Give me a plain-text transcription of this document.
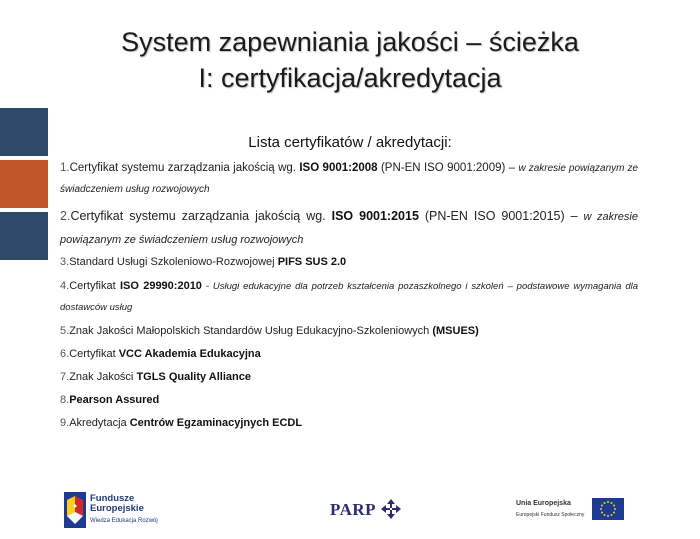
System zapewniania jakości – ścieżka
I: certyfikacja/akredytacja
Lista certyfikatów / akredytacji:
1.Certyfikat systemu zarządzania jakością wg. ISO 9001:2008 (PN-EN ISO 9001:2009) – w zakresie powiązanym ze świadczeniem usług rozwojowych
2.Certyfikat systemu zarządzania jakością wg. ISO 9001:2015 (PN-EN ISO 9001:2015) – w zakresie powiązanym ze świadczeniem usług rozwojowych
3.Standard Usługi Szkoleniowo-Rozwojowej PIFS SUS 2.0
4.Certyfikat ISO 29990:2010 - Usługi edukacyjne dla potrzeb kształcenia pozaszkolnego i szkoleń – podstawowe wymagania dla dostawców usług
5.Znak Jakości Małopolskich Standardów Usług Edukacyjno-Szkoleniowych (MSUES)
6.Certyfikat VCC Akademia Edukacyjna
7.Znak Jakości TGLS Quality Alliance
8.Pearson Assured
9.Akredytacja Centrów Egzaminacyjnych ECDL
Fundusze
Europejskie
Wiedza Edukacja Rozwój
PARP	Unia Europejska
Europejski Fundusz Społeczny
